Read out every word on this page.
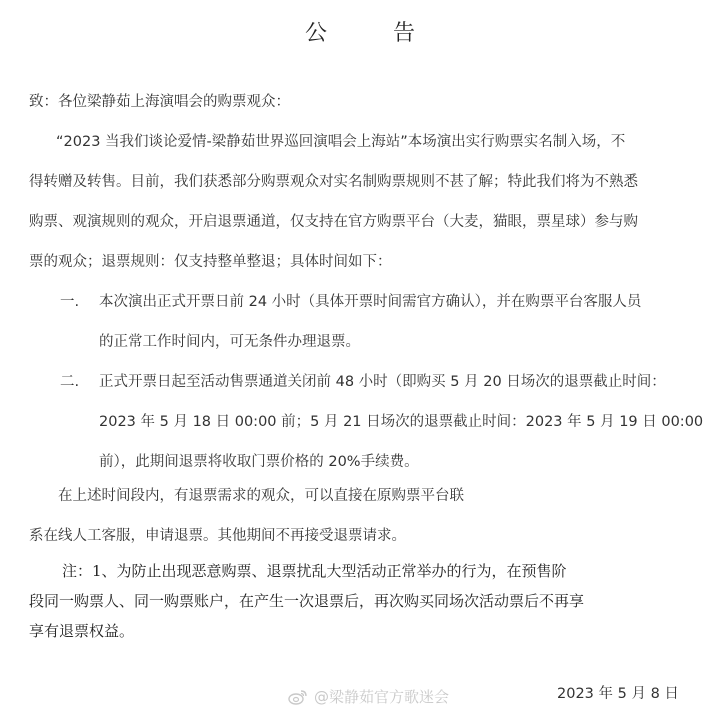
公　告
致：各位梁静茹上海演唱会的购票观众：
“2023 当我们谈论爱情-梁静茹世界巡回演唱会上海站”本场演出实行购票实名制入场，不
得转赠及转售。目前，我们获悉部分购票观众对实名制购票规则不甚了解；特此我们将为不熟悉
购票、观演规则的观众，开启退票通道，仅支持在官方购票平台（大麦，猫眼，票星球）参与购
票的观众；退票规则：仅支持整单整退；具体时间如下：
一. 本次演出正式开票日前 24 小时（具体开票时间需官方确认），并在购票平台客服人员
的正常工作时间内，可无条件办理退票。
二. 正式开票日起至活动售票通道关闭前 48 小时（即购买 5 月 20 日场次的退票截止时间：
2023 年 5 月 18 日 00:00 前；5 月 21 日场次的退票截止时间：2023 年 5 月 19 日 00:00
前），此期间退票将收取门票价格的 20%手续费。
在上述时间段内，有退票需求的观众，可以直接在原购票平台联
系在线人工客服，申请退票。其他期间不再接受退票请求。
注：1、为防止出现恶意购票、退票扰乱大型活动正常举办的行为，在预售阶
段同一购票人、同一购票账户，在产生一次退票后，再次购买同场次活动票后不再享
享有退票权益。
@梁静茹官方歌迷会	2023 年 5 月 8 日
